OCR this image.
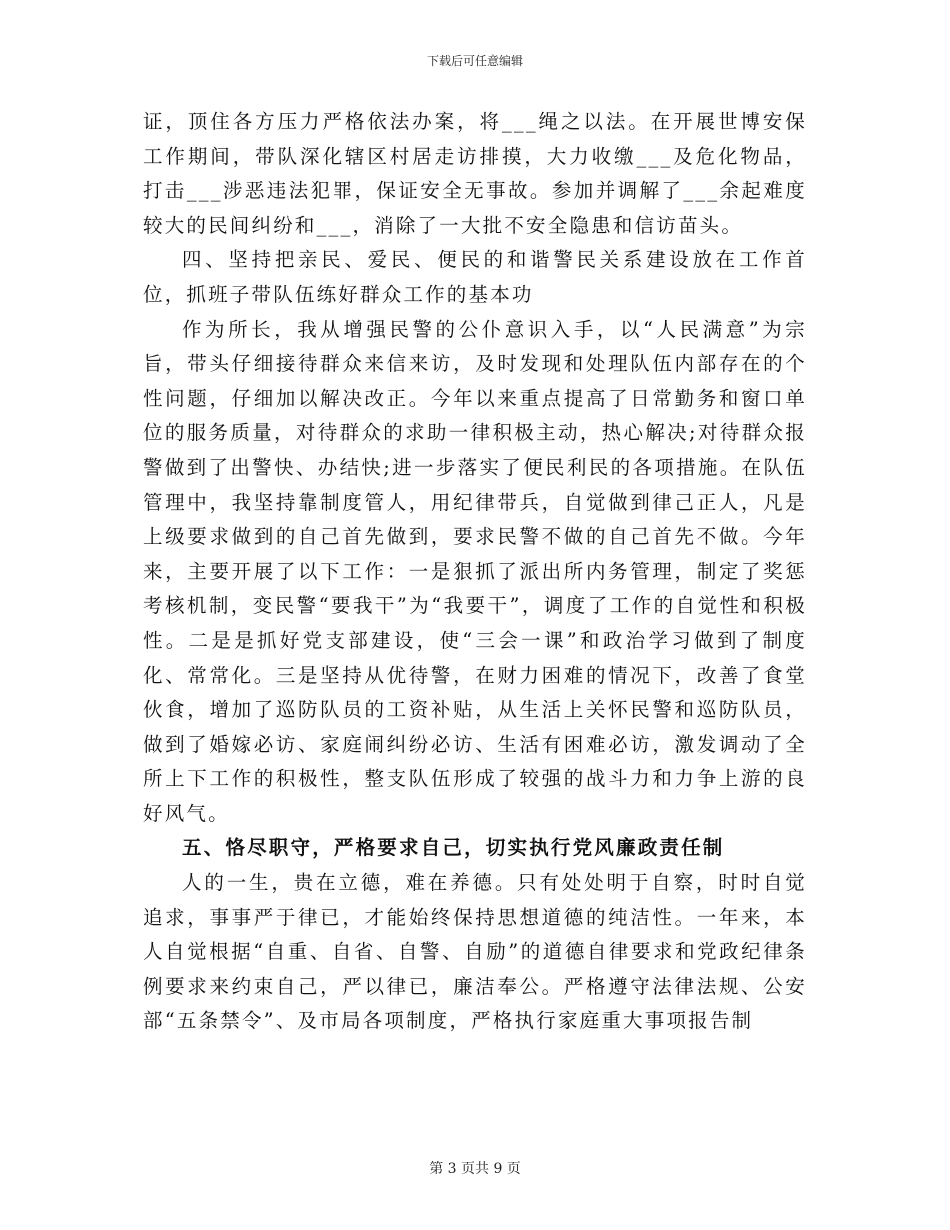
下载后可任意编辑

证，顶住各方压力严格依法办案，将___绳之以法。在开展世博安保工作期间，带队深化辖区村居走访排摸，大力收缴___及危化物品，打击___涉恶违法犯罪，保证安全无事故。参加并调解了___余起难度较大的民间纠纷和___，消除了一大批不安全隐患和信访苗头。

四、坚持把亲民、爱民、便民的和谐警民关系建设放在工作首位，抓班子带队伍练好群众工作的基本功

作为所长，我从增强民警的公仆意识入手，以“人民满意”为宗旨，带头仔细接待群众来信来访，及时发现和处理队伍内部存在的个性问题，仔细加以解决改正。今年以来重点提高了日常勤务和窗口单位的服务质量，对待群众的求助一律积极主动，热心解决;对待群众报警做到了出警快、办结快;进一步落实了便民利民的各项措施。在队伍管理中，我坚持靠制度管人，用纪律带兵，自觉做到律己正人，凡是上级要求做到的自己首先做到，要求民警不做的自己首先不做。今年来，主要开展了以下工作：一是狠抓了派出所内务管理，制定了奖惩考核机制，变民警“要我干”为“我要干”，调度了工作的自觉性和积极性。二是是抓好党支部建设，使“三会一课”和政治学习做到了制度化、常常化。三是坚持从优待警，在财力困难的情况下，改善了食堂伙食，增加了巡防队员的工资补贴，从生活上关怀民警和巡防队员，做到了婚嫁必访、家庭闹纠纷必访、生活有困难必访，激发调动了全所上下工作的积极性，整支队伍形成了较强的战斗力和力争上游的良好风气。

五、恪尽职守，严格要求自己，切实执行党风廉政责任制

人的一生，贵在立德，难在养德。只有处处明于自察，时时自觉追求，事事严于律已，才能始终保持思想道德的纯洁性。一年来，本人自觉根据“自重、自省、自警、自励”的道德自律要求和党政纪律条例要求来约束自己，严以律已，廉洁奉公。严格遵守法律法规、公安部“五条禁令”、及市局各项制度，严格执行家庭重大事项报告制

第 3 页共 9 页
